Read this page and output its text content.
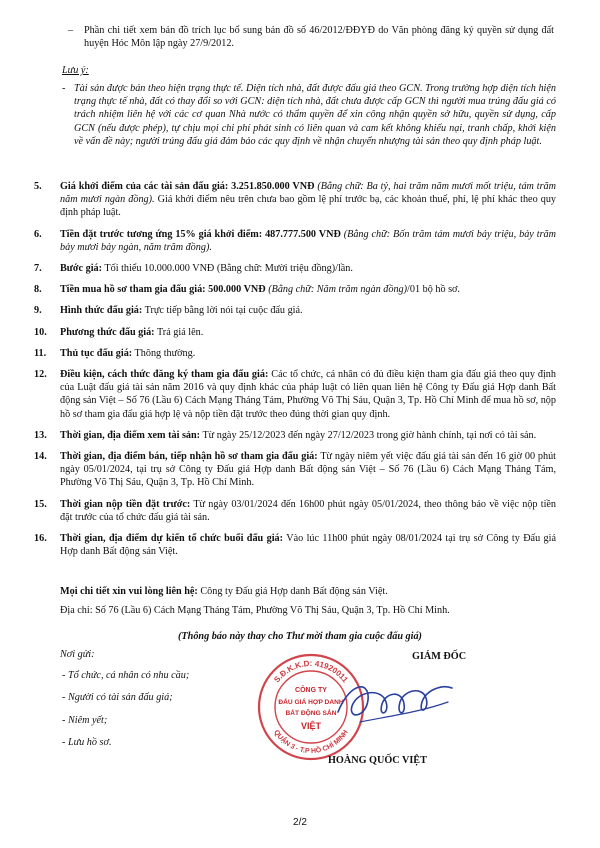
– Phần chi tiết xem bản đồ trích lục bổ sung bản đồ số 46/2012/ĐĐYĐ do Văn phòng đăng ký quyền sử dụng đất huyện Hóc Môn lập ngày 27/9/2012.
Lưu ý:
- Tài sản được bán theo hiện trạng thực tế. Diện tích nhà, đất được đấu giá theo GCN. Trong trường hợp diện tích hiện trạng thực tế nhà, đất có thay đổi so với GCN: diện tích nhà, đất chưa được cấp GCN thì người mua trúng đấu giá có trách nhiệm liên hệ với các cơ quan Nhà nước có thẩm quyền để xin công nhận quyền sở hữu, quyền sử dụng, cấp GCN (nếu được phép), tự chịu mọi chi phí phát sinh có liên quan và cam kết không khiếu nại, tranh chấp, khởi kiện về vấn đề này; người trúng đấu giá đảm bảo các quy định về nhận chuyển nhượng tài sản theo quy định pháp luật.
5. Giá khởi điểm của các tài sản đấu giá: 3.251.850.000 VNĐ (Bằng chữ: Ba tỷ, hai trăm năm mươi mốt triệu, tám trăm năm mươi ngàn đồng). Giá khởi điểm nêu trên chưa bao gồm lệ phí trước bạ, các khoản thuế, phí, lệ phí khác theo quy định pháp luật.
6. Tiền đặt trước tương ứng 15% giá khởi điểm: 487.777.500 VNĐ (Bằng chữ: Bốn trăm tám mươi bảy triệu, bảy trăm bảy mươi bảy ngàn, năm trăm đồng).
7. Bước giá: Tối thiểu 10.000.000 VNĐ (Bằng chữ: Mười triệu đồng)/lần.
8. Tiền mua hồ sơ tham gia đấu giá: 500.000 VNĐ (Bằng chữ: Năm trăm ngàn đồng)/01 bộ hồ sơ.
9. Hình thức đấu giá: Trực tiếp bằng lời nói tại cuộc đấu giá.
10. Phương thức đấu giá: Trả giá lên.
11. Thủ tục đấu giá: Thông thường.
12. Điều kiện, cách thức đăng ký tham gia đấu giá: Các tổ chức, cá nhân có đủ điều kiện tham gia đấu giá theo quy định của Luật đấu giá tài sản năm 2016 và quy định khác của pháp luật có liên quan liên hệ Công ty Đấu giá Hợp danh Bất động sản Việt – Số 76 (Lầu 6) Cách Mạng Tháng Tám, Phường Võ Thị Sáu, Quận 3, Tp. Hồ Chí Minh để mua hồ sơ, nộp hồ sơ tham gia đấu giá hợp lệ và nộp tiền đặt trước theo đúng thời gian quy định.
13. Thời gian, địa điểm xem tài sản: Từ ngày 25/12/2023 đến ngày 27/12/2023 trong giờ hành chính, tại nơi có tài sản.
14. Thời gian, địa điểm bán, tiếp nhận hồ sơ tham gia đấu giá: Từ ngày niêm yết việc đấu giá tài sản đến 16 giờ 00 phút ngày 05/01/2024, tại trụ sở Công ty Đấu giá Hợp danh Bất động sản Việt – Số 76 (Lầu 6) Cách Mạng Tháng Tám, Phường Võ Thị Sáu, Quận 3, Tp. Hồ Chí Minh.
15. Thời gian nộp tiền đặt trước: Từ ngày 03/01/2024 đến 16h00 phút ngày 05/01/2024, theo thông báo về việc nộp tiền đặt trước của tổ chức đấu giá tài sản.
16. Thời gian, địa điểm dự kiến tổ chức buổi đấu giá: Vào lúc 11h00 phút ngày 08/01/2024 tại trụ sở Công ty Đấu giá Hợp danh Bất động sản Việt.
Mọi chi tiết xin vui lòng liên hệ: Công ty Đấu giá Hợp danh Bất động sản Việt.
Địa chỉ: Số 76 (Lầu 6) Cách Mạng Tháng Tám, Phường Võ Thị Sáu, Quận 3, Tp. Hồ Chí Minh.
(Thông báo này thay cho Thư mời tham gia cuộc đấu giá)
Nơi gửi:
- Tổ chức, cá nhân có nhu cầu;
- Người có tài sản đấu giá;
- Niêm yết;
- Lưu hồ sơ.
GIÁM ĐỐC
S.Đ.K.K.D: 41920011
QUẬN 3 - T.P HỒ CHÍ MINH
CÔNG TY
ĐẤU GIÁ HỢP DANH
BẤT ĐỘNG SẢN
VIỆT
HOÀNG QUỐC VIỆT
2/2
